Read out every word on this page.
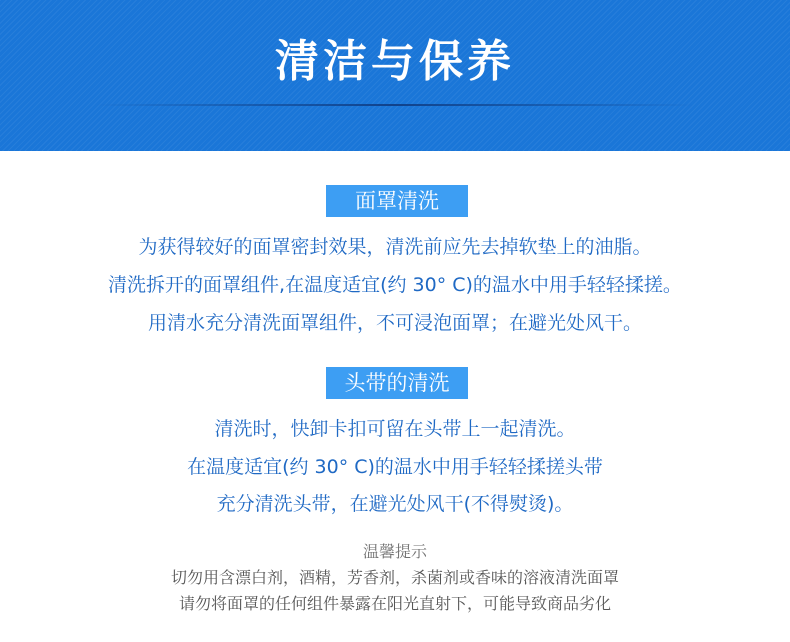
清洁与保养
面罩清洗
为获得较好的面罩密封效果，清洗前应先去掉软垫上的油脂。
清洗拆开的面罩组件,在温度适宜(约 30° C)的温水中用手轻轻揉搓。
用清水充分清洗面罩组件，不可浸泡面罩；在避光处风干。
头带的清洗
清洗时，快卸卡扣可留在头带上一起清洗。
在温度适宜(约 30° C)的温水中用手轻轻揉搓头带
充分清洗头带，在避光处风干(不得熨烫)。
温馨提示
切勿用含漂白剂，酒精，芳香剂，杀菌剂或香味的溶液清洗面罩
请勿将面罩的任何组件暴露在阳光直射下，可能导致商品劣化
